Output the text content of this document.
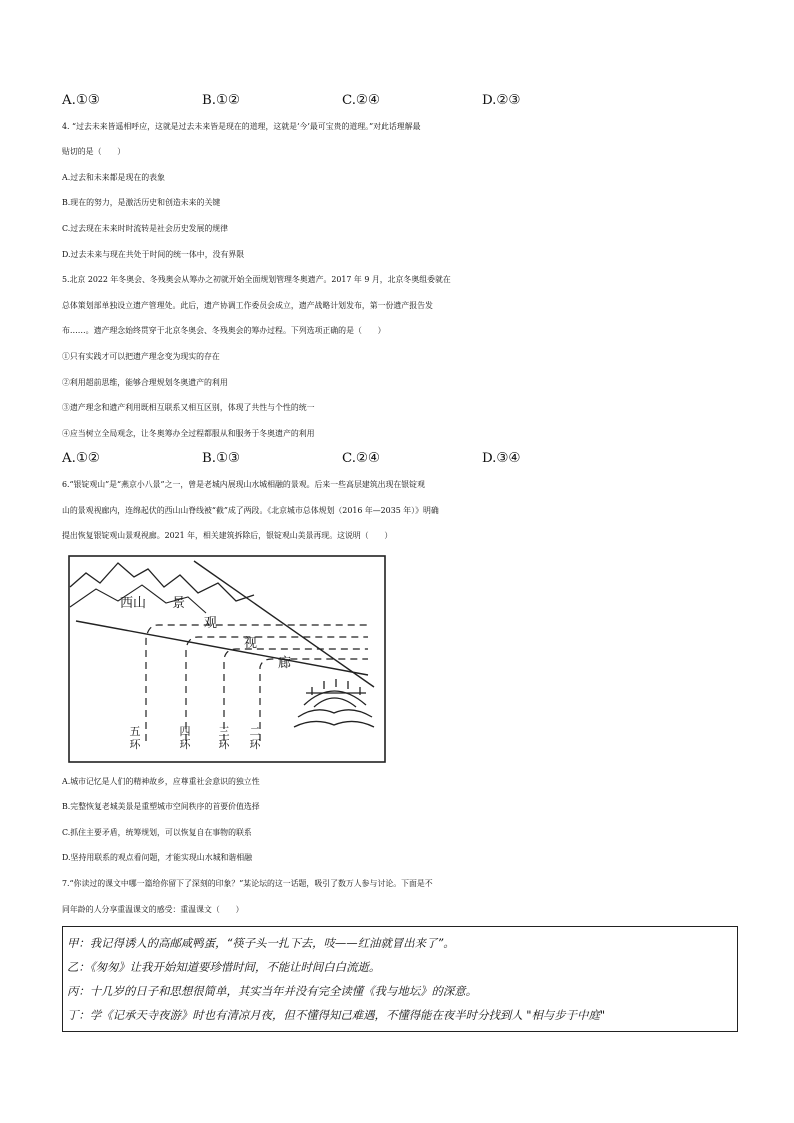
A.①③	B.①②	C.②④	D.②③
4. “过去未来皆遥相呼应，这就是过去未来皆是现在的道理，这就是‘今’最可宝贵的道理。”对此话理解最
贴切的是（　　）
A.过去和未来都是现在的表象
B.现在的努力，是激活历史和创造未来的关键
C.过去现在未来时时流转是社会历史发展的规律
D.过去未来与现在共处于时间的统一体中，没有界限
5.北京 2022 年冬奥会、冬残奥会从筹办之初就开始全面规划管理冬奥遗产。2017 年 9 月，北京冬奥组委就在
总体策划部单独设立遗产管理处。此后，遗产协调工作委员会成立，遗产战略计划发布，第一份遗产报告发
布……。遗产理念始终贯穿于北京冬奥会、冬残奥会的筹办过程。下列选项正确的是（　　）
①只有实践才可以把遗产理念变为现实的存在
②利用超前思维，能够合理规划冬奥遗产的利用
③遗产理念和遗产利用既相互联系又相互区别，体现了共性与个性的统一
④应当树立全局观念，让冬奥筹办全过程都服从和服务于冬奥遗产的利用
A.①②	B.①③	C.②④	D.③④
6.“银锭观山”是“燕京小八景”之一，曾是老城内展现山水城相融的景观。后来一些高层建筑出现在银锭观
山的景观视廊内，连绵起伏的西山山脊线被“截”成了两段。《北京城市总体规划（2016 年—2035 年）》明确
提出恢复银锭观山景观视廊。2021 年，相关建筑拆除后，银锭观山美景再现。这说明（　　）
西山 景
观
视
廊
五
环
四
环
三
环
二
环
A.城市记忆是人们的精神故乡，应尊重社会意识的独立性
B.完整恢复老城美景是重塑城市空间秩序的首要价值选择
C.抓住主要矛盾，统筹规划，可以恢复自在事物的联系
D.坚持用联系的观点看问题，才能实现山水城和谐相融
7.“你读过的课文中哪一篇给你留下了深刻的印象？”某论坛的这一话题，吸引了数万人参与讨论。下面是不
同年龄的人分享重温课文的感受：重温课文（　　）
甲：我记得诱人的高邮咸鸭蛋，“筷子头一扎下去，吱——红油就冒出来了”。
乙：《匆匆》让我开始知道要珍惜时间，不能让时间白白流逝。
丙：十几岁的日子和思想很简单，其实当年并没有完全读懂《我与地坛》的深意。
丁：学《记承天寺夜游》时也有清凉月夜，但不懂得知己难遇，不懂得能在夜半时分找到人 "相与步于中庭"
